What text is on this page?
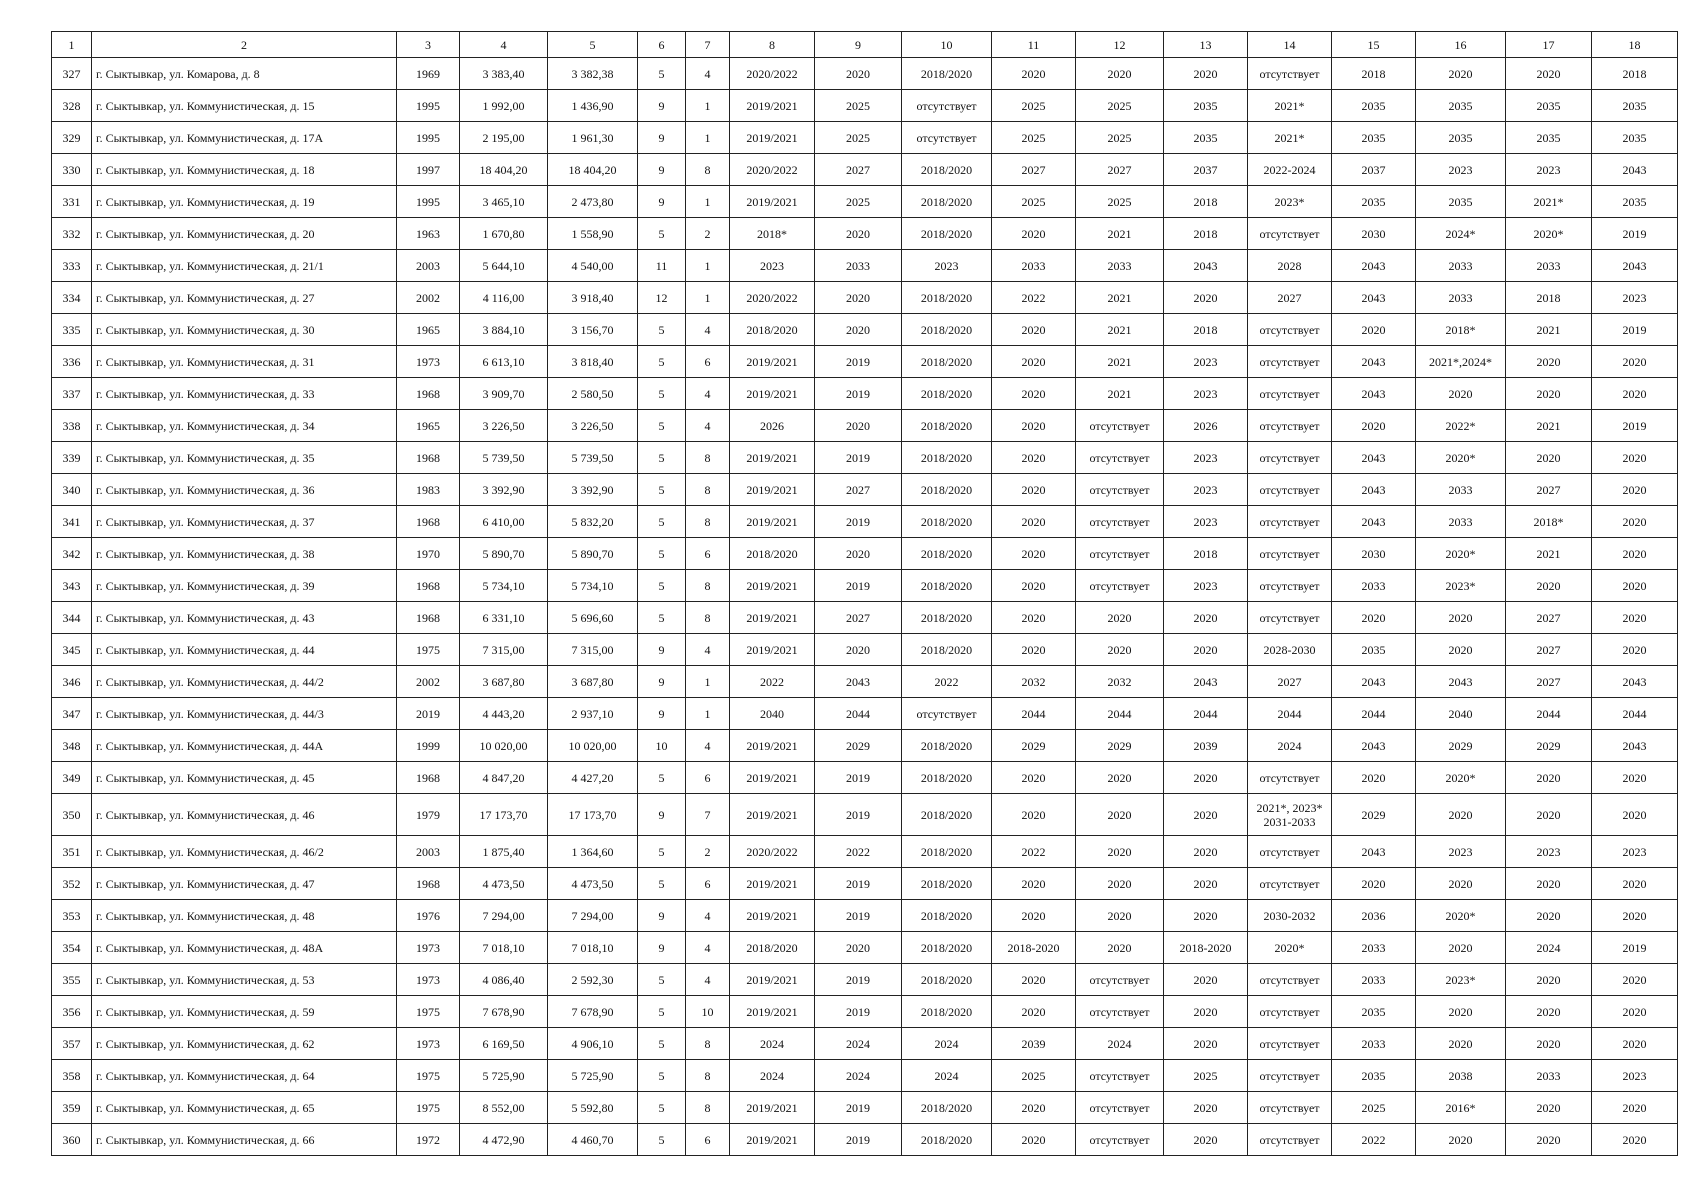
1	2	3	4	5	6	7	8	9	10	11	12	13	14	15	16	17	18
327	г. Сыктывкар, ул. Комарова, д. 8	1969	3 383,40	3 382,38	5	4	2020/2022	2020	2018/2020	2020	2020	2020	отсутствует	2018	2020	2020	2018
328	г. Сыктывкар, ул. Коммунистическая, д. 15	1995	1 992,00	1 436,90	9	1	2019/2021	2025	отсутствует	2025	2025	2035	2021*	2035	2035	2035	2035
329	г. Сыктывкар, ул. Коммунистическая, д. 17А	1995	2 195,00	1 961,30	9	1	2019/2021	2025	отсутствует	2025	2025	2035	2021*	2035	2035	2035	2035
330	г. Сыктывкар, ул. Коммунистическая, д. 18	1997	18 404,20	18 404,20	9	8	2020/2022	2027	2018/2020	2027	2027	2037	2022-2024	2037	2023	2023	2043
331	г. Сыктывкар, ул. Коммунистическая, д. 19	1995	3 465,10	2 473,80	9	1	2019/2021	2025	2018/2020	2025	2025	2018	2023*	2035	2035	2021*	2035
332	г. Сыктывкар, ул. Коммунистическая, д. 20	1963	1 670,80	1 558,90	5	2	2018*	2020	2018/2020	2020	2021	2018	отсутствует	2030	2024*	2020*	2019
333	г. Сыктывкар, ул. Коммунистическая, д. 21/1	2003	5 644,10	4 540,00	11	1	2023	2033	2023	2033	2033	2043	2028	2043	2033	2033	2043
334	г. Сыктывкар, ул. Коммунистическая, д. 27	2002	4 116,00	3 918,40	12	1	2020/2022	2020	2018/2020	2022	2021	2020	2027	2043	2033	2018	2023
335	г. Сыктывкар, ул. Коммунистическая, д. 30	1965	3 884,10	3 156,70	5	4	2018/2020	2020	2018/2020	2020	2021	2018	отсутствует	2020	2018*	2021	2019
336	г. Сыктывкар, ул. Коммунистическая, д. 31	1973	6 613,10	3 818,40	5	6	2019/2021	2019	2018/2020	2020	2021	2023	отсутствует	2043	2021*,2024*	2020	2020
337	г. Сыктывкар, ул. Коммунистическая, д. 33	1968	3 909,70	2 580,50	5	4	2019/2021	2019	2018/2020	2020	2021	2023	отсутствует	2043	2020	2020	2020
338	г. Сыктывкар, ул. Коммунистическая, д. 34	1965	3 226,50	3 226,50	5	4	2026	2020	2018/2020	2020	отсутствует	2026	отсутствует	2020	2022*	2021	2019
339	г. Сыктывкар, ул. Коммунистическая, д. 35	1968	5 739,50	5 739,50	5	8	2019/2021	2019	2018/2020	2020	отсутствует	2023	отсутствует	2043	2020*	2020	2020
340	г. Сыктывкар, ул. Коммунистическая, д. 36	1983	3 392,90	3 392,90	5	8	2019/2021	2027	2018/2020	2020	отсутствует	2023	отсутствует	2043	2033	2027	2020
341	г. Сыктывкар, ул. Коммунистическая, д. 37	1968	6 410,00	5 832,20	5	8	2019/2021	2019	2018/2020	2020	отсутствует	2023	отсутствует	2043	2033	2018*	2020
342	г. Сыктывкар, ул. Коммунистическая, д. 38	1970	5 890,70	5 890,70	5	6	2018/2020	2020	2018/2020	2020	отсутствует	2018	отсутствует	2030	2020*	2021	2020
343	г. Сыктывкар, ул. Коммунистическая, д. 39	1968	5 734,10	5 734,10	5	8	2019/2021	2019	2018/2020	2020	отсутствует	2023	отсутствует	2033	2023*	2020	2020
344	г. Сыктывкар, ул. Коммунистическая, д. 43	1968	6 331,10	5 696,60	5	8	2019/2021	2027	2018/2020	2020	2020	2020	отсутствует	2020	2020	2027	2020
345	г. Сыктывкар, ул. Коммунистическая, д. 44	1975	7 315,00	7 315,00	9	4	2019/2021	2020	2018/2020	2020	2020	2020	2028-2030	2035	2020	2027	2020
346	г. Сыктывкар, ул. Коммунистическая, д. 44/2	2002	3 687,80	3 687,80	9	1	2022	2043	2022	2032	2032	2043	2027	2043	2043	2027	2043
347	г. Сыктывкар, ул. Коммунистическая, д. 44/3	2019	4 443,20	2 937,10	9	1	2040	2044	отсутствует	2044	2044	2044	2044	2044	2040	2044	2044
348	г. Сыктывкар, ул. Коммунистическая, д. 44А	1999	10 020,00	10 020,00	10	4	2019/2021	2029	2018/2020	2029	2029	2039	2024	2043	2029	2029	2043
349	г. Сыктывкар, ул. Коммунистическая, д. 45	1968	4 847,20	4 427,20	5	6	2019/2021	2019	2018/2020	2020	2020	2020	отсутствует	2020	2020*	2020	2020
350	г. Сыктывкар, ул. Коммунистическая, д. 46	1979	17 173,70	17 173,70	9	7	2019/2021	2019	2018/2020	2020	2020	2020	2021*, 2023* 2031-2033	2029	2020	2020	2020
351	г. Сыктывкар, ул. Коммунистическая, д. 46/2	2003	1 875,40	1 364,60	5	2	2020/2022	2022	2018/2020	2022	2020	2020	отсутствует	2043	2023	2023	2023
352	г. Сыктывкар, ул. Коммунистическая, д. 47	1968	4 473,50	4 473,50	5	6	2019/2021	2019	2018/2020	2020	2020	2020	отсутствует	2020	2020	2020	2020
353	г. Сыктывкар, ул. Коммунистическая, д. 48	1976	7 294,00	7 294,00	9	4	2019/2021	2019	2018/2020	2020	2020	2020	2030-2032	2036	2020*	2020	2020
354	г. Сыктывкар, ул. Коммунистическая, д. 48А	1973	7 018,10	7 018,10	9	4	2018/2020	2020	2018/2020	2018-2020	2020	2018-2020	2020*	2033	2020	2024	2019
355	г. Сыктывкар, ул. Коммунистическая, д. 53	1973	4 086,40	2 592,30	5	4	2019/2021	2019	2018/2020	2020	отсутствует	2020	отсутствует	2033	2023*	2020	2020
356	г. Сыктывкар, ул. Коммунистическая, д. 59	1975	7 678,90	7 678,90	5	10	2019/2021	2019	2018/2020	2020	отсутствует	2020	отсутствует	2035	2020	2020	2020
357	г. Сыктывкар, ул. Коммунистическая, д. 62	1973	6 169,50	4 906,10	5	8	2024	2024	2024	2039	2024	2020	отсутствует	2033	2020	2020	2020
358	г. Сыктывкар, ул. Коммунистическая, д. 64	1975	5 725,90	5 725,90	5	8	2024	2024	2024	2025	отсутствует	2025	отсутствует	2035	2038	2033	2023
359	г. Сыктывкар, ул. Коммунистическая, д. 65	1975	8 552,00	5 592,80	5	8	2019/2021	2019	2018/2020	2020	отсутствует	2020	отсутствует	2025	2016*	2020	2020
360	г. Сыктывкар, ул. Коммунистическая, д. 66	1972	4 472,90	4 460,70	5	6	2019/2021	2019	2018/2020	2020	отсутствует	2020	отсутствует	2022	2020	2020	2020
